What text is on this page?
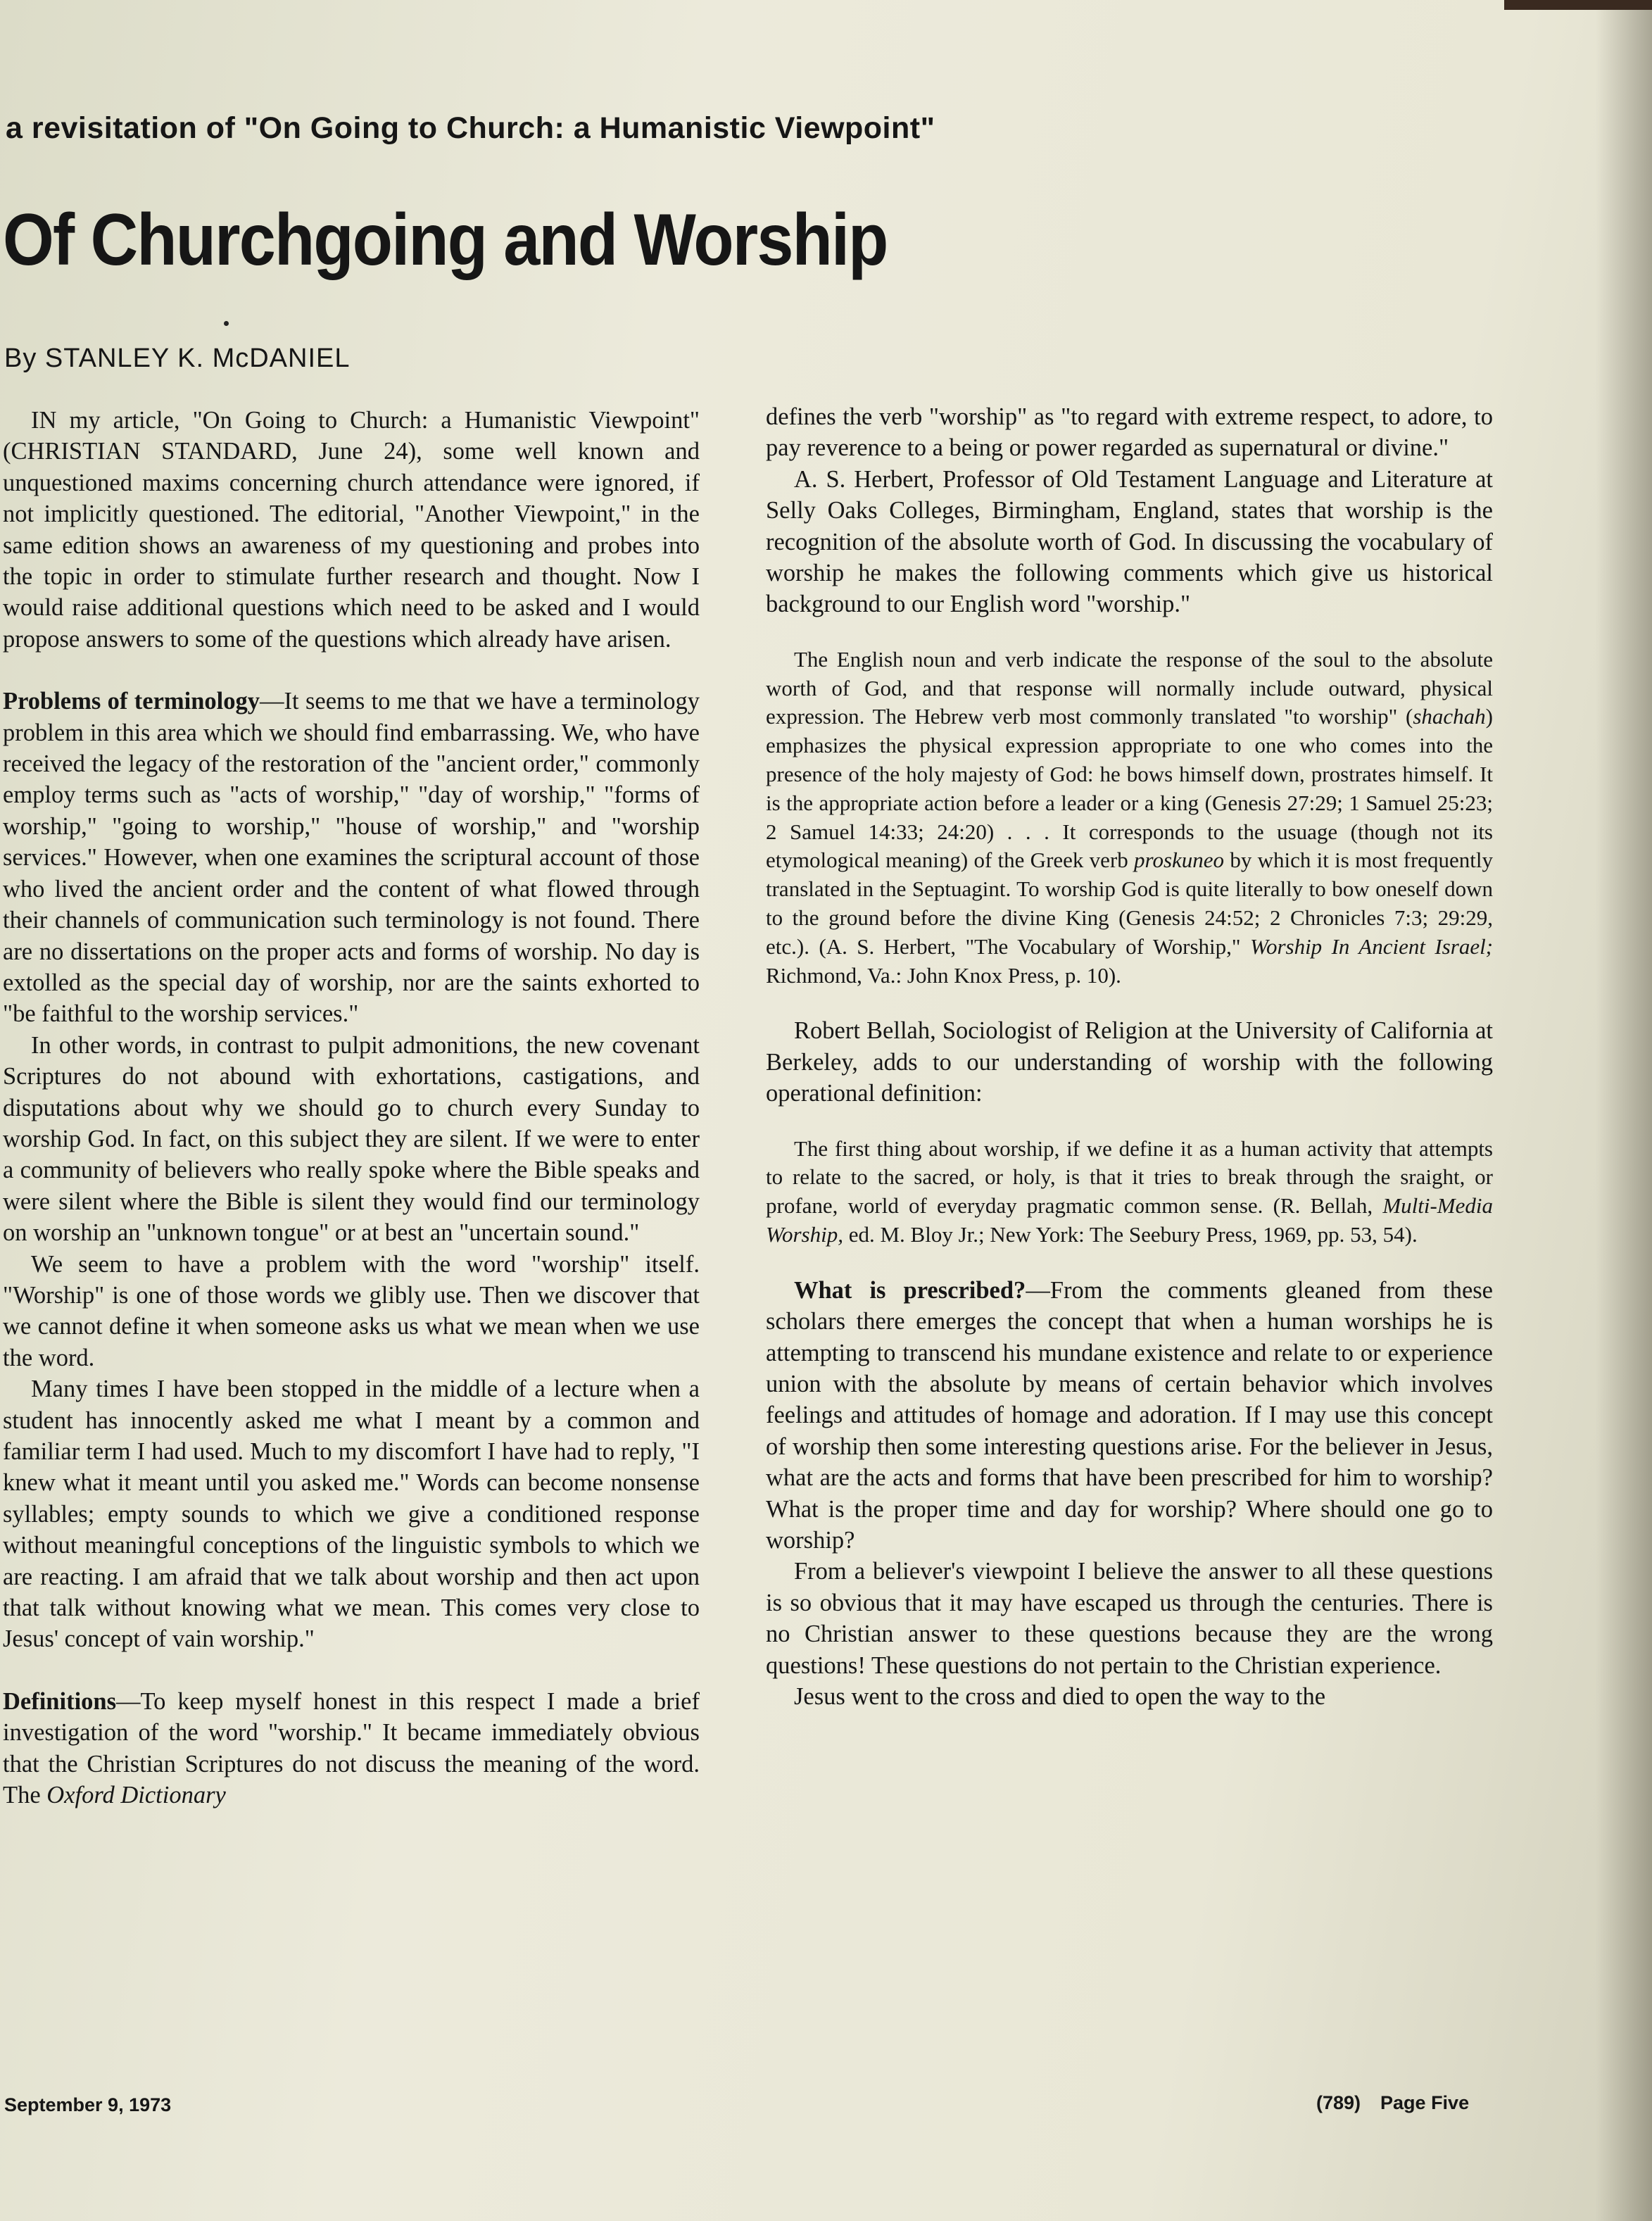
a revisitation of "On Going to Church: a Humanistic Viewpoint"
Of Churchgoing and Worship
By STANLEY K. McDANIEL

IN my article, "On Going to Church: a Humanistic Viewpoint" (CHRISTIAN STANDARD, June 24), some well known and unquestioned maxims concerning church attendance were ignored, if not implicitly questioned. The editorial, "Another Viewpoint," in the same edition shows an awareness of my questioning and probes into the topic in order to stimulate further research and thought. Now I would raise additional questions which need to be asked and I would propose answers to some of the questions which already have arisen.

Problems of terminology—It seems to me that we have a terminology problem in this area which we should find embarrassing. We, who have received the legacy of the restoration of the "ancient order," commonly employ terms such as "acts of worship," "day of worship," "forms of worship," "going to worship," "house of worship," and "worship services." However, when one examines the scriptural account of those who lived the ancient order and the content of what flowed through their channels of communication such terminology is not found. There are no dissertations on the proper acts and forms of worship. No day is extolled as the special day of worship, nor are the saints exhorted to "be faithful to the worship services."

In other words, in contrast to pulpit admonitions, the new covenant Scriptures do not abound with exhortations, castigations, and disputations about why we should go to church every Sunday to worship God. In fact, on this subject they are silent. If we were to enter a community of believers who really spoke where the Bible speaks and were silent where the Bible is silent they would find our terminology on worship an "unknown tongue" or at best an "uncertain sound."

We seem to have a problem with the word "worship" itself. "Worship" is one of those words we glibly use. Then we discover that we cannot define it when someone asks us what we mean when we use the word.

Many times I have been stopped in the middle of a lecture when a student has innocently asked me what I meant by a common and familiar term I had used. Much to my discomfort I have had to reply, "I knew what it meant until you asked me." Words can become nonsense syllables; empty sounds to which we give a conditioned response without meaningful conceptions of the linguistic symbols to which we are reacting. I am afraid that we talk about worship and then act upon that talk without knowing what we mean. This comes very close to Jesus' concept of vain worship."

Definitions—To keep myself honest in this respect I made a brief investigation of the word "worship." It became immediately obvious that the Christian Scriptures do not discuss the meaning of the word. The Oxford Dictionary

defines the verb "worship" as "to regard with extreme respect, to adore, to pay reverence to a being or power regarded as supernatural or divine."

A. S. Herbert, Professor of Old Testament Language and Literature at Selly Oaks Colleges, Birmingham, England, states that worship is the recognition of the absolute worth of God. In discussing the vocabulary of worship he makes the following comments which give us historical background to our English word "worship."

The English noun and verb indicate the response of the soul to the absolute worth of God, and that response will normally include outward, physical expression. The Hebrew verb most commonly translated "to worship" (shachah) emphasizes the physical expression appropriate to one who comes into the presence of the holy majesty of God: he bows himself down, prostrates himself. It is the appropriate action before a leader or a king (Genesis 27:29; 1 Samuel 25:23; 2 Samuel 14:33; 24:20) . . . It corresponds to the usuage (though not its etymological meaning) of the Greek verb proskuneo by which it is most frequently translated in the Septuagint. To worship God is quite literally to bow oneself down to the ground before the divine King (Genesis 24:52; 2 Chronicles 7:3; 29:29, etc.). (A. S. Herbert, "The Vocabulary of Worship," Worship In Ancient Israel; Richmond, Va.: John Knox Press, p. 10).

Robert Bellah, Sociologist of Religion at the University of California at Berkeley, adds to our understanding of worship with the following operational definition:

The first thing about worship, if we define it as a human activity that attempts to relate to the sacred, or holy, is that it tries to break through the sraight, or profane, world of everyday pragmatic common sense. (R. Bellah, Multi-Media Worship, ed. M. Bloy Jr.; New York: The Seebury Press, 1969, pp. 53, 54).

What is prescribed?—From the comments gleaned from these scholars there emerges the concept that when a human worships he is attempting to transcend his mundane existence and relate to or experience union with the absolute by means of certain behavior which involves feelings and attitudes of homage and adoration. If I may use this concept of worship then some interesting questions arise. For the believer in Jesus, what are the acts and forms that have been prescribed for him to worship? What is the proper time and day for worship? Where should one go to worship?

From a believer's viewpoint I believe the answer to all these questions is so obvious that it may have escaped us through the centuries. There is no Christian answer to these questions because they are the wrong questions! These questions do not pertain to the Christian experience.

Jesus went to the cross and died to open the way to the

September 9, 1973	(789) Page Five
